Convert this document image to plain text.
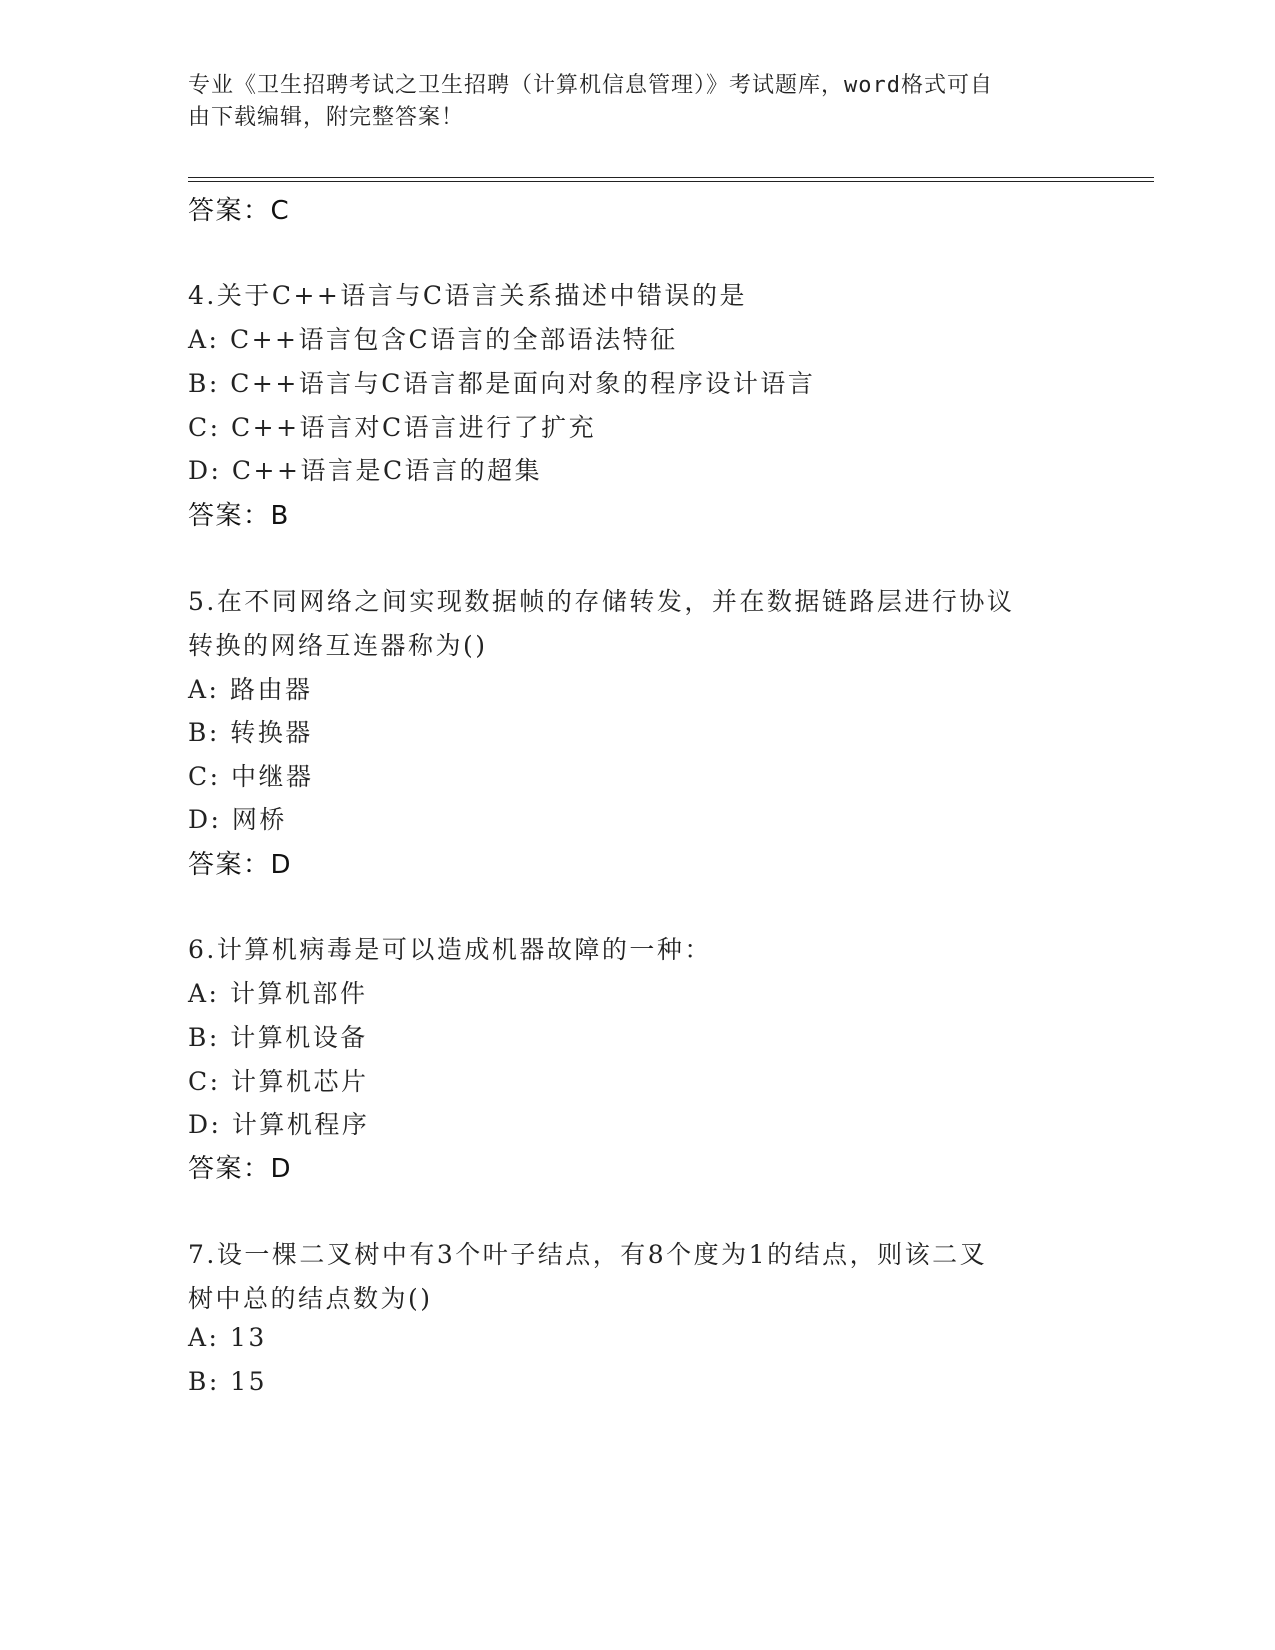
专业《卫生招聘考试之卫生招聘（计算机信息管理）》考试题库，word格式可自
由下载编辑，附完整答案！
答案：C
4.关于C++语言与C语言关系描述中错误的是
A: C++语言包含C语言的全部语法特征
B: C++语言与C语言都是面向对象的程序设计语言
C: C++语言对C语言进行了扩充
D: C++语言是C语言的超集
答案：B
5.在不同网络之间实现数据帧的存储转发，并在数据链路层进行协议
转换的网络互连器称为()
A: 路由器
B: 转换器
C: 中继器
D: 网桥
答案：D
6.计算机病毒是可以造成机器故障的一种：
A: 计算机部件
B: 计算机设备
C: 计算机芯片
D: 计算机程序
答案：D
7.设一棵二叉树中有3个叶子结点，有8个度为1的结点，则该二叉
树中总的结点数为()
A: 13
B: 15
